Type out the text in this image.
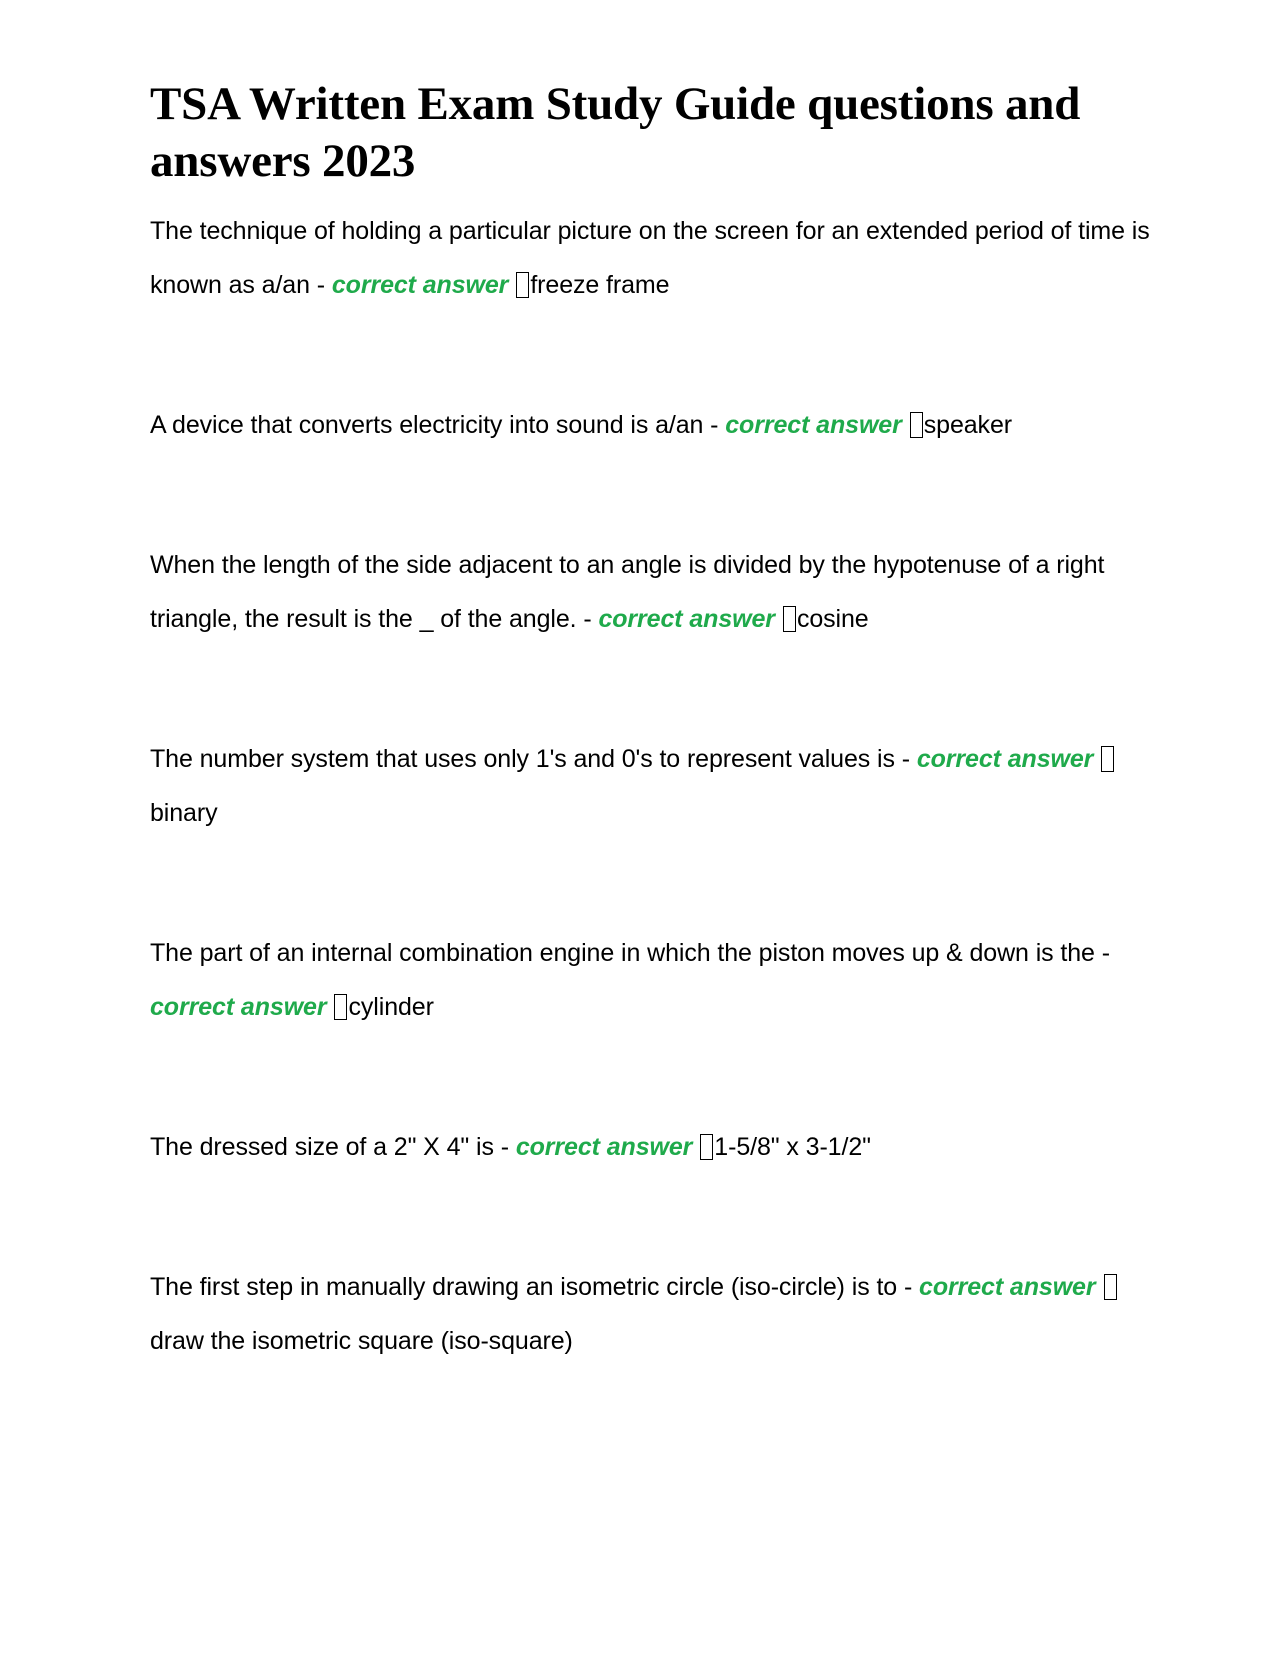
TSA Written Exam Study Guide questions and answers 2023

The technique of holding a particular picture on the screen for an extended period of time is known as a/an - correct answer freeze frame

A device that converts electricity into sound is a/an - correct answer speaker

When the length of the side adjacent to an angle is divided by the hypotenuse of a right triangle, the result is the _ of the angle. - correct answer cosine

The number system that uses only 1's and 0's to represent values is - correct answerbinary

The part of an internal combination engine in which the piston moves up & down is the - correct answer cylinder

The dressed size of a 2" X 4" is - correct answer 1-5/8" x 3-1/2"

The first step in manually drawing an isometric circle (iso-circle) is to - correct answerdraw the isometric square (iso-square)
